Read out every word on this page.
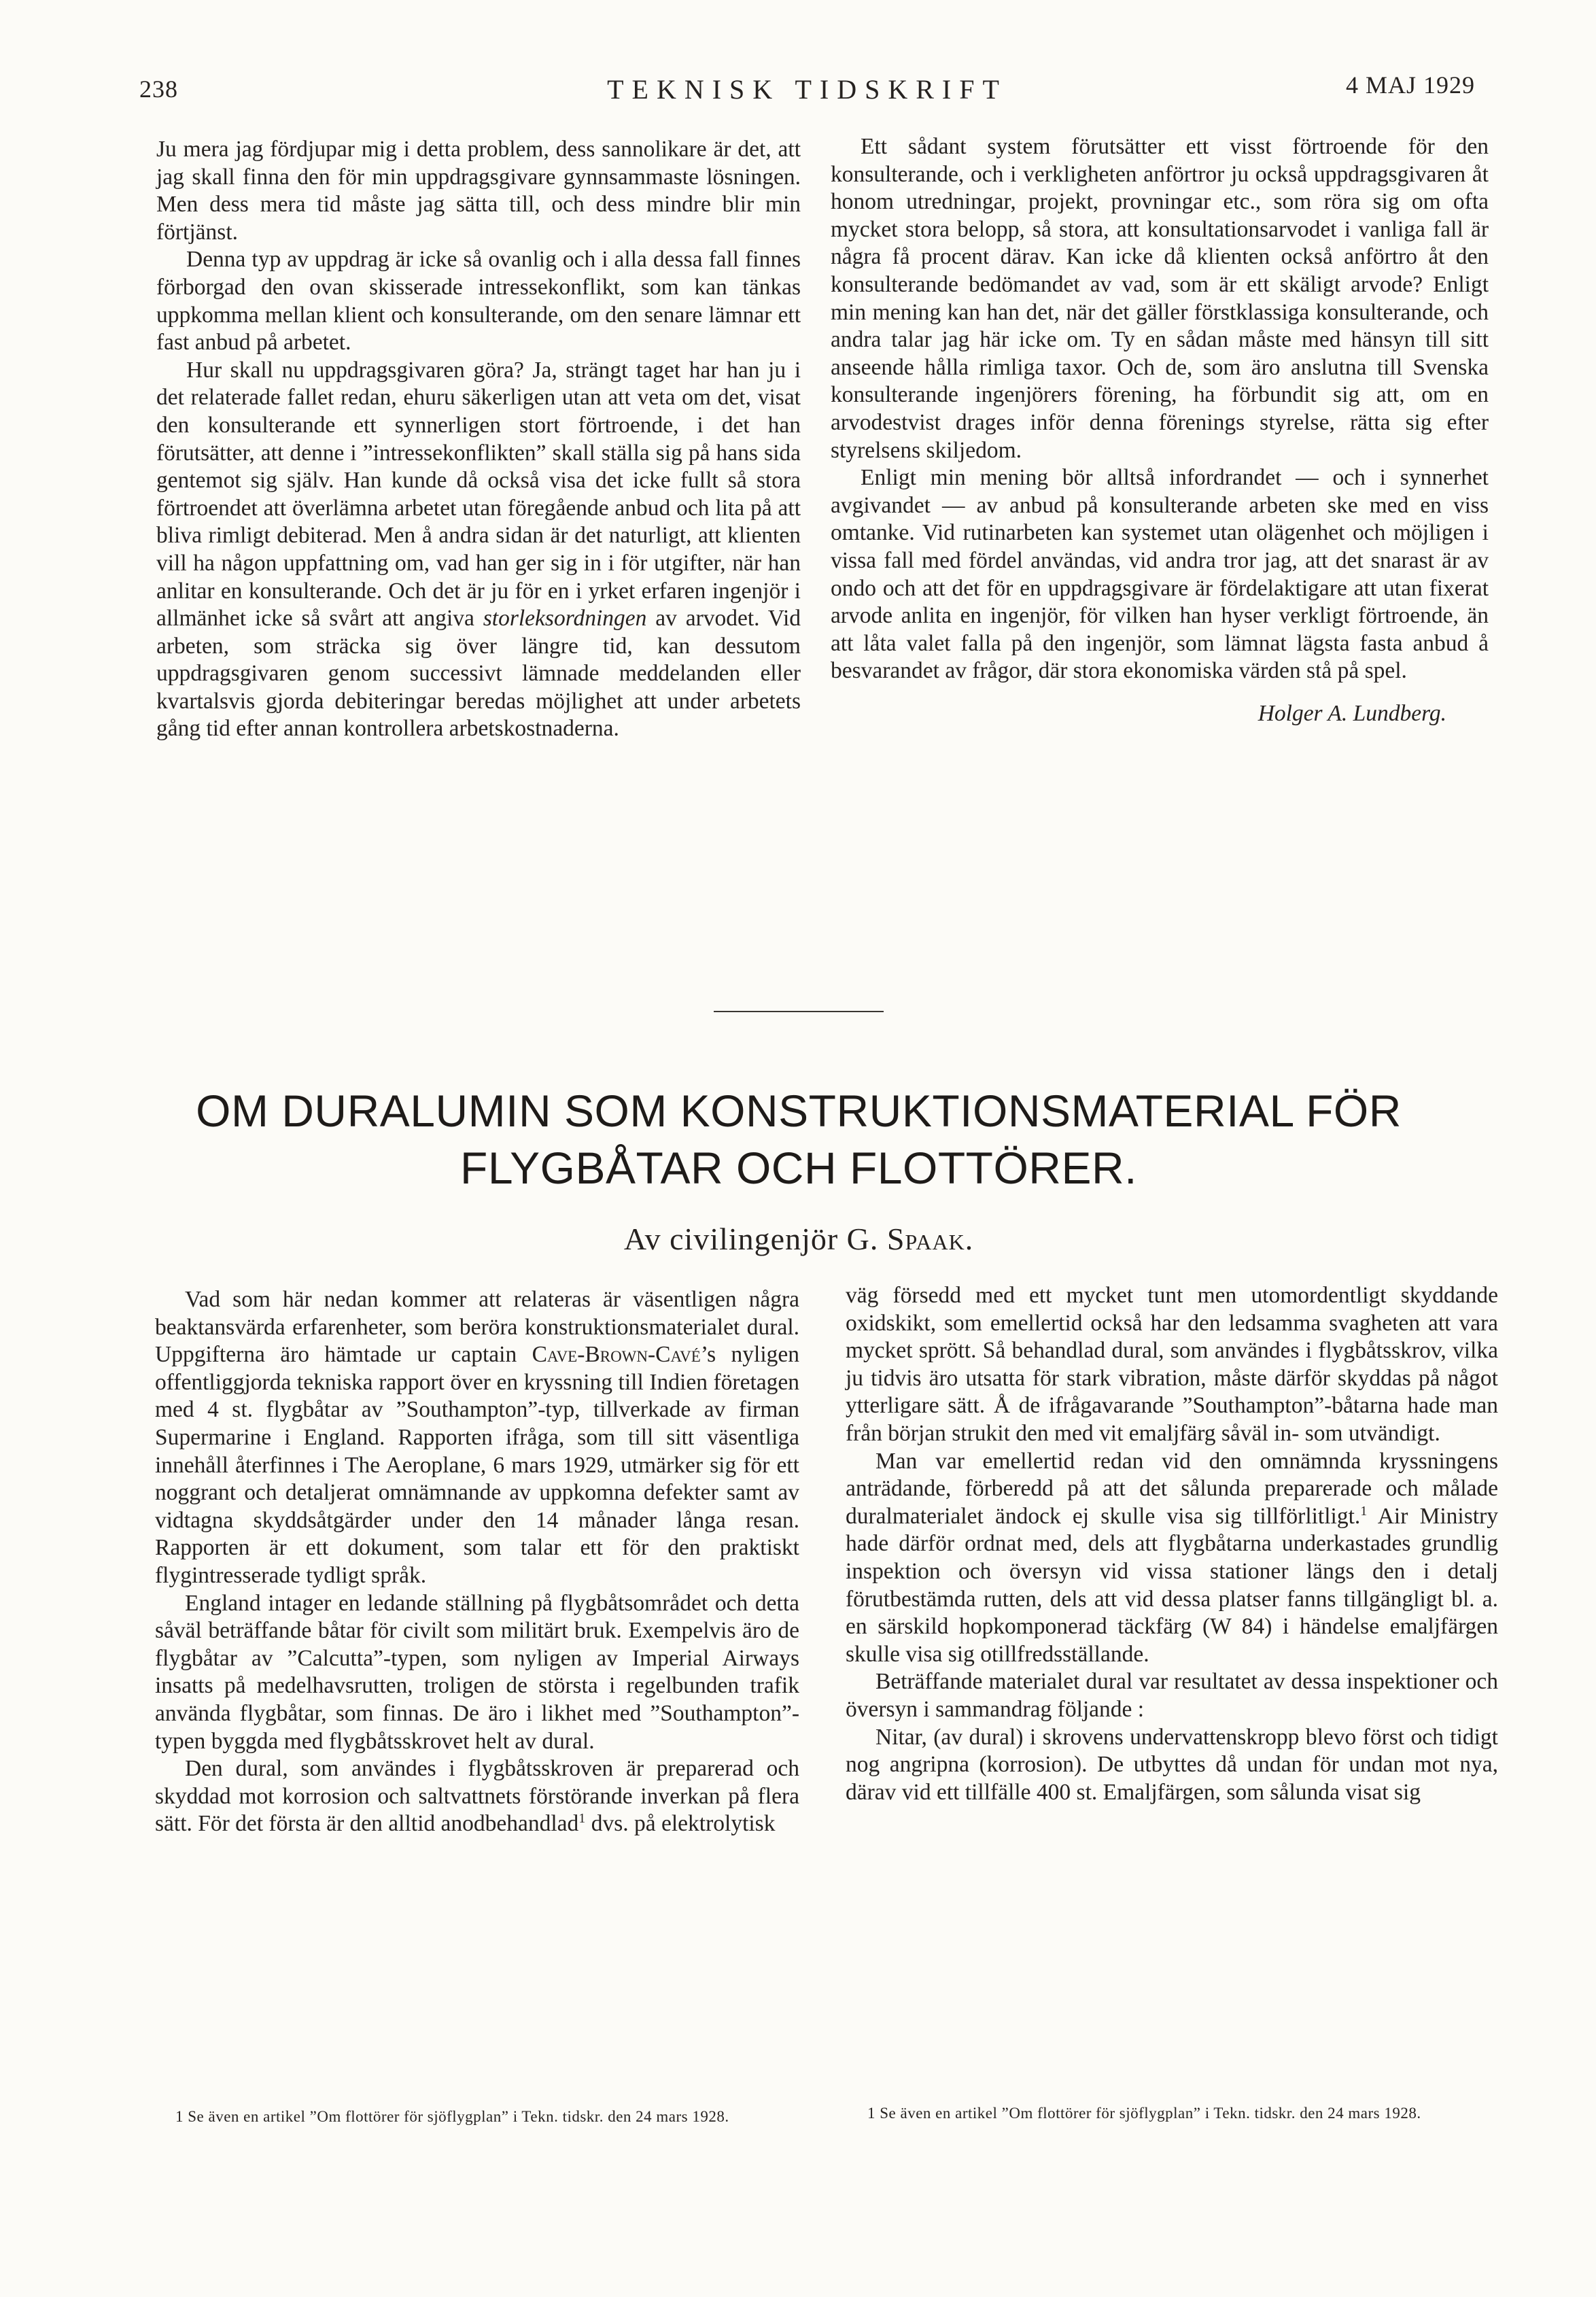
238	TEKNISK TIDSKRIFT	4 MAJ 1929

Ju mera jag fördjupar mig i detta problem, dess sannolikare är det, att jag skall finna den för min uppdragsgivare gynnsammaste lösningen. Men dess mera tid måste jag sätta till, och dess mindre blir min förtjänst.

Denna typ av uppdrag är icke så ovanlig och i alla dessa fall finnes förborgad den ovan skisserade intressekonflikt, som kan tänkas uppkomma mellan klient och konsulterande, om den senare lämnar ett fast anbud på arbetet.

Hur skall nu uppdragsgivaren göra? Ja, strängt taget har han ju i det relaterade fallet redan, ehuru säkerligen utan att veta om det, visat den konsulterande ett synnerligen stort förtroende, i det han förutsätter, att denne i ”intressekonflikten” skall ställa sig på hans sida gentemot sig själv. Han kunde då också visa det icke fullt så stora förtroendet att överlämna arbetet utan föregående anbud och lita på att bliva rimligt debiterad. Men å andra sidan är det naturligt, att klienten vill ha någon uppfattning om, vad han ger sig in i för utgifter, när han anlitar en konsulterande. Och det är ju för en i yrket erfaren ingenjör i allmänhet icke så svårt att angiva storleksordningen av arvodet. Vid arbeten, som sträcka sig över längre tid, kan dessutom uppdragsgivaren genom successivt lämnade meddelanden eller kvartalsvis gjorda debiteringar beredas möjlighet att under arbetets gång tid efter annan kontrollera arbetskostnaderna.

Ett sådant system förutsätter ett visst förtroende för den konsulterande, och i verkligheten anförtror ju också uppdragsgivaren åt honom utredningar, projekt, provningar etc., som röra sig om ofta mycket stora belopp, så stora, att konsultationsarvodet i vanliga fall är några få procent därav. Kan icke då klienten också anförtro åt den konsulterande bedömandet av vad, som är ett skäligt arvode? Enligt min mening kan han det, när det gäller förstklassiga konsulterande, och andra talar jag här icke om. Ty en sådan måste med hänsyn till sitt anseende hålla rimliga taxor. Och de, som äro anslutna till Svenska konsulterande ingenjörers förening, ha förbundit sig att, om en arvodestvist drages inför denna förenings styrelse, rätta sig efter styrelsens skiljedom.

Enligt min mening bör alltså infordrandet — och i synnerhet avgivandet — av anbud på konsulterande arbeten ske med en viss omtanke. Vid rutinarbeten kan systemet utan olägenhet och möjligen i vissa fall med fördel användas, vid andra tror jag, att det snarast är av ondo och att det för en uppdragsgivare är fördelaktigare att utan fixerat arvode anlita en ingenjör, för vilken han hyser verkligt förtroende, än att låta valet falla på den ingenjör, som lämnat lägsta fasta anbud å besvarandet av frågor, där stora ekonomiska värden stå på spel.

Holger A. Lundberg.
OM DURALUMIN SOM KONSTRUKTIONSMATERIAL FÖR
FLYGBÅTAR OCH FLOTTÖRER.
Av civilingenjör G. Spaak.

Vad som här nedan kommer att relateras är väsentligen några beaktansvärda erfarenheter, som beröra konstruktionsmaterialet dural. Uppgifterna äro hämtade ur captain Cave-Brown-Cavé’s nyligen offentliggjorda tekniska rapport över en kryssning till Indien företagen med 4 st. flygbåtar av ”Southampton”-typ, tillverkade av firman Supermarine i England. Rapporten ifråga, som till sitt väsentliga innehåll återfinnes i The Aeroplane, 6 mars 1929, utmärker sig för ett noggrant och detaljerat omnämnande av uppkomna defekter samt av vidtagna skyddsåtgärder under den 14 månader långa resan. Rapporten är ett dokument, som talar ett för den praktiskt flygintresserade tydligt språk.

England intager en ledande ställning på flygbåtsområdet och detta såväl beträffande båtar för civilt som militärt bruk. Exempelvis äro de flygbåtar av ”Calcutta”-typen, som nyligen av Imperial Airways insatts på medelhavsrutten, troligen de största i regelbunden trafik använda flygbåtar, som finnas. De äro i likhet med ”Southampton”-typen byggda med flygbåtsskrovet helt av dural.

Den dural, som användes i flygbåtsskroven är preparerad och skyddad mot korrosion och saltvattnets förstörande inverkan på flera sätt. För det första är den alltid anodbehandlad$^1$ dvs. på elektrolytisk

väg försedd med ett mycket tunt men utomordentligt skyddande oxidskikt, som emellertid också har den ledsamma svagheten att vara mycket sprött. Så behandlad dural, som användes i flygbåtsskrov, vilka ju tidvis äro utsatta för stark vibration, måste därför skyddas på något ytterligare sätt. Å de ifrågavarande ”Southampton”-båtarna hade man från början strukit den med vit emaljfärg såväl in- som utvändigt.

Man var emellertid redan vid den omnämnda kryssningens anträdande, förberedd på att det sålunda preparerade och målade duralmaterialet ändock ej skulle visa sig tillförlitligt.$^1$ Air Ministry hade därför ordnat med, dels att flygbåtarna underkastades grundlig inspektion och översyn vid vissa stationer längs den i detalj förutbestämda rutten, dels att vid dessa platser fanns tillgängligt bl. a. en särskild hopkomponerad täckfärg (W 84) i händelse emaljfärgen skulle visa sig otillfredsställande.

Beträffande materialet dural var resultatet av dessa inspektioner och översyn i sammandrag följande :

Nitar, (av dural) i skrovens undervattenskropp blevo först och tidigt nog angripna (korrosion). De utbyttes då undan för undan mot nya, därav vid ett tillfälle 400 st. Emaljfärgen, som sålunda visat sig

1 Se även en artikel ”Om flottörer för sjöflygplan” i Tekn. tidskr. den 24 mars 1928.	1 Se även en artikel ”Om flottörer för sjöflygplan” i Tekn. tidskr. den 24 mars 1928.
